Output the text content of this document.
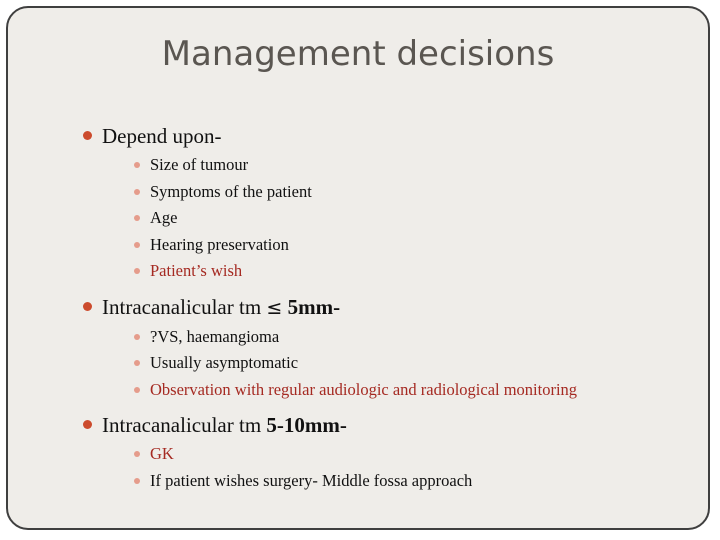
Management decisions
Depend upon-
Size of tumour
Symptoms of the patient
Age
Hearing preservation
Patient’s wish
Intracanalicular tm ≤ 5mm-
?VS, haemangioma
Usually asymptomatic
Observation with regular audiologic and radiological monitoring
Intracanalicular tm 5-10mm-
GK
If patient wishes surgery- Middle fossa approach
